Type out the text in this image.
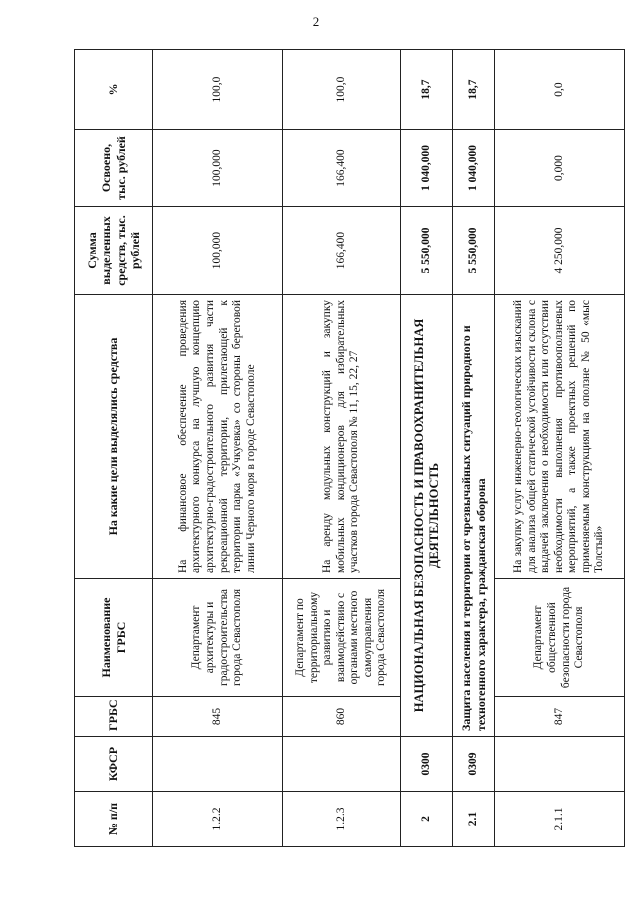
2
№ п/п	КФСР	ГРБС	Наименование ГРБС	На какие цели выделялись средства	Сумма выделенных средств, тыс. рублей	Освоено, тыс. рублей	%
1.2.2		845	Департамент архитектуры и градостроительства города Севастополя	На финансовое обеспечение проведения архитектурного конкурса на лучшую концепцию архитектурно-градостроительного развития части рекреационной территории, прилегающей к территории парка «Учкуевка» со стороны береговой линии Черного моря в городе Севастополе	100,000	100,000	100,0
1.2.3		860	Департамент по территориальному развитию и взаимодействию с органами местного самоуправления города Севастополя	На аренду модульных конструкций и закупку мобильных кондиционеров для избирательных участков города Севастополя № 11, 15, 22, 27	166,400	166,400	100,0
2	0300	НАЦИОНАЛЬНАЯ БЕЗОПАСНОСТЬ И ПРАВООХРАНИТЕЛЬНАЯ ДЕЯТЕЛЬНОСТЬ			5 550,000	1 040,000	18,7
2.1	0309	Защита населения и территории от чрезвычайных ситуаций природного и техногенного характера, гражданская оборона			5 550,000	1 040,000	18,7
2.1.1		847	Департамент общественной безопасности города Севастополя	На закупку услуг инженерно-геологических изысканий для анализа общей статической устойчивости склона с выдачей заключения о необходимости или отсутствии необходимости выполнения противооползневых мероприятий, а также проектных решений по применяемым конструкциям на оползне № 50 «мыс Толстый»	4 250,000	0,000	0,0
